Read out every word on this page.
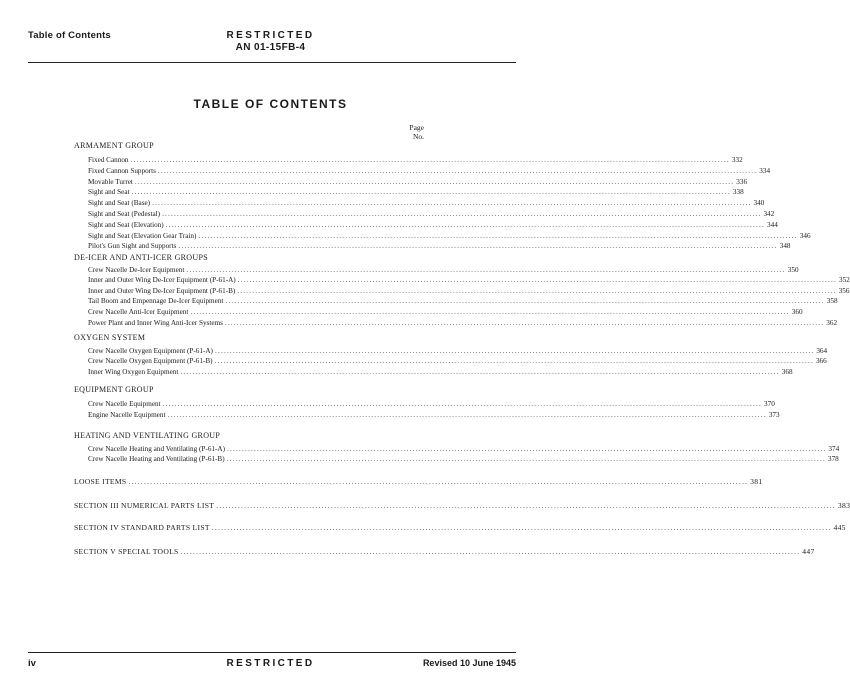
Table of Contents	RESTRICTED
AN 01-15FB-4
TABLE OF CONTENTS
Page
No.
ARMAMENT GROUP
Fixed Cannon ........................................................................................................................................................................................................ 332
Fixed Cannon Supports ........................................................................................................................................................................................................ 334
Movable Turret ........................................................................................................................................................................................................ 336
Sight and Seat ........................................................................................................................................................................................................ 338
Sight and Seat (Base) ........................................................................................................................................................................................................ 340
Sight and Seat (Pedestal) ........................................................................................................................................................................................................ 342
Sight and Seat (Elevation) ........................................................................................................................................................................................................ 344
Sight and Seat (Elevation Gear Train) ........................................................................................................................................................................................................ 346
Pilot's Gun Sight and Supports ........................................................................................................................................................................................................ 348
DE-ICER AND ANTI-ICER GROUPS
Crew Nacelle De-Icer Equipment ........................................................................................................................................................................................................ 350
Inner and Outer Wing De-Icer Equipment (P-61-A) ........................................................................................................................................................................................................ 352
Inner and Outer Wing De-Icer Equipment (P-61-B) ........................................................................................................................................................................................................ 356
Tail Boom and Empennage De-Icer Equipment ........................................................................................................................................................................................................ 358
Crew Nacelle Anti-Icer Equipment ........................................................................................................................................................................................................ 360
Power Plant and Inner Wing Anti-Icer Systems ........................................................................................................................................................................................................ 362
OXYGEN SYSTEM
Crew Nacelle Oxygen Equipment (P-61-A) ........................................................................................................................................................................................................ 364
Crew Nacelle Oxygen Equipment (P-61-B) ........................................................................................................................................................................................................ 366
Inner Wing Oxygen Equipment ........................................................................................................................................................................................................ 368
EQUIPMENT GROUP
Crew Nacelle Equipment ........................................................................................................................................................................................................ 370
Engine Nacelle Equipment ........................................................................................................................................................................................................ 373
HEATING AND VENTILATING GROUP
Crew Nacelle Heating and Ventilating (P-61-A) ........................................................................................................................................................................................................ 374
Crew Nacelle Heating and Ventilating (P-61-B) ........................................................................................................................................................................................................ 378
LOOSE ITEMS ........................................................................................................................................................................................................ 381
SECTION III NUMERICAL PARTS LIST ........................................................................................................................................................................................................ 383
SECTION IV STANDARD PARTS LIST ........................................................................................................................................................................................................ 445
SECTION V SPECIAL TOOLS ........................................................................................................................................................................................................ 447
iv	RESTRICTED	Revised 10 June 1945
